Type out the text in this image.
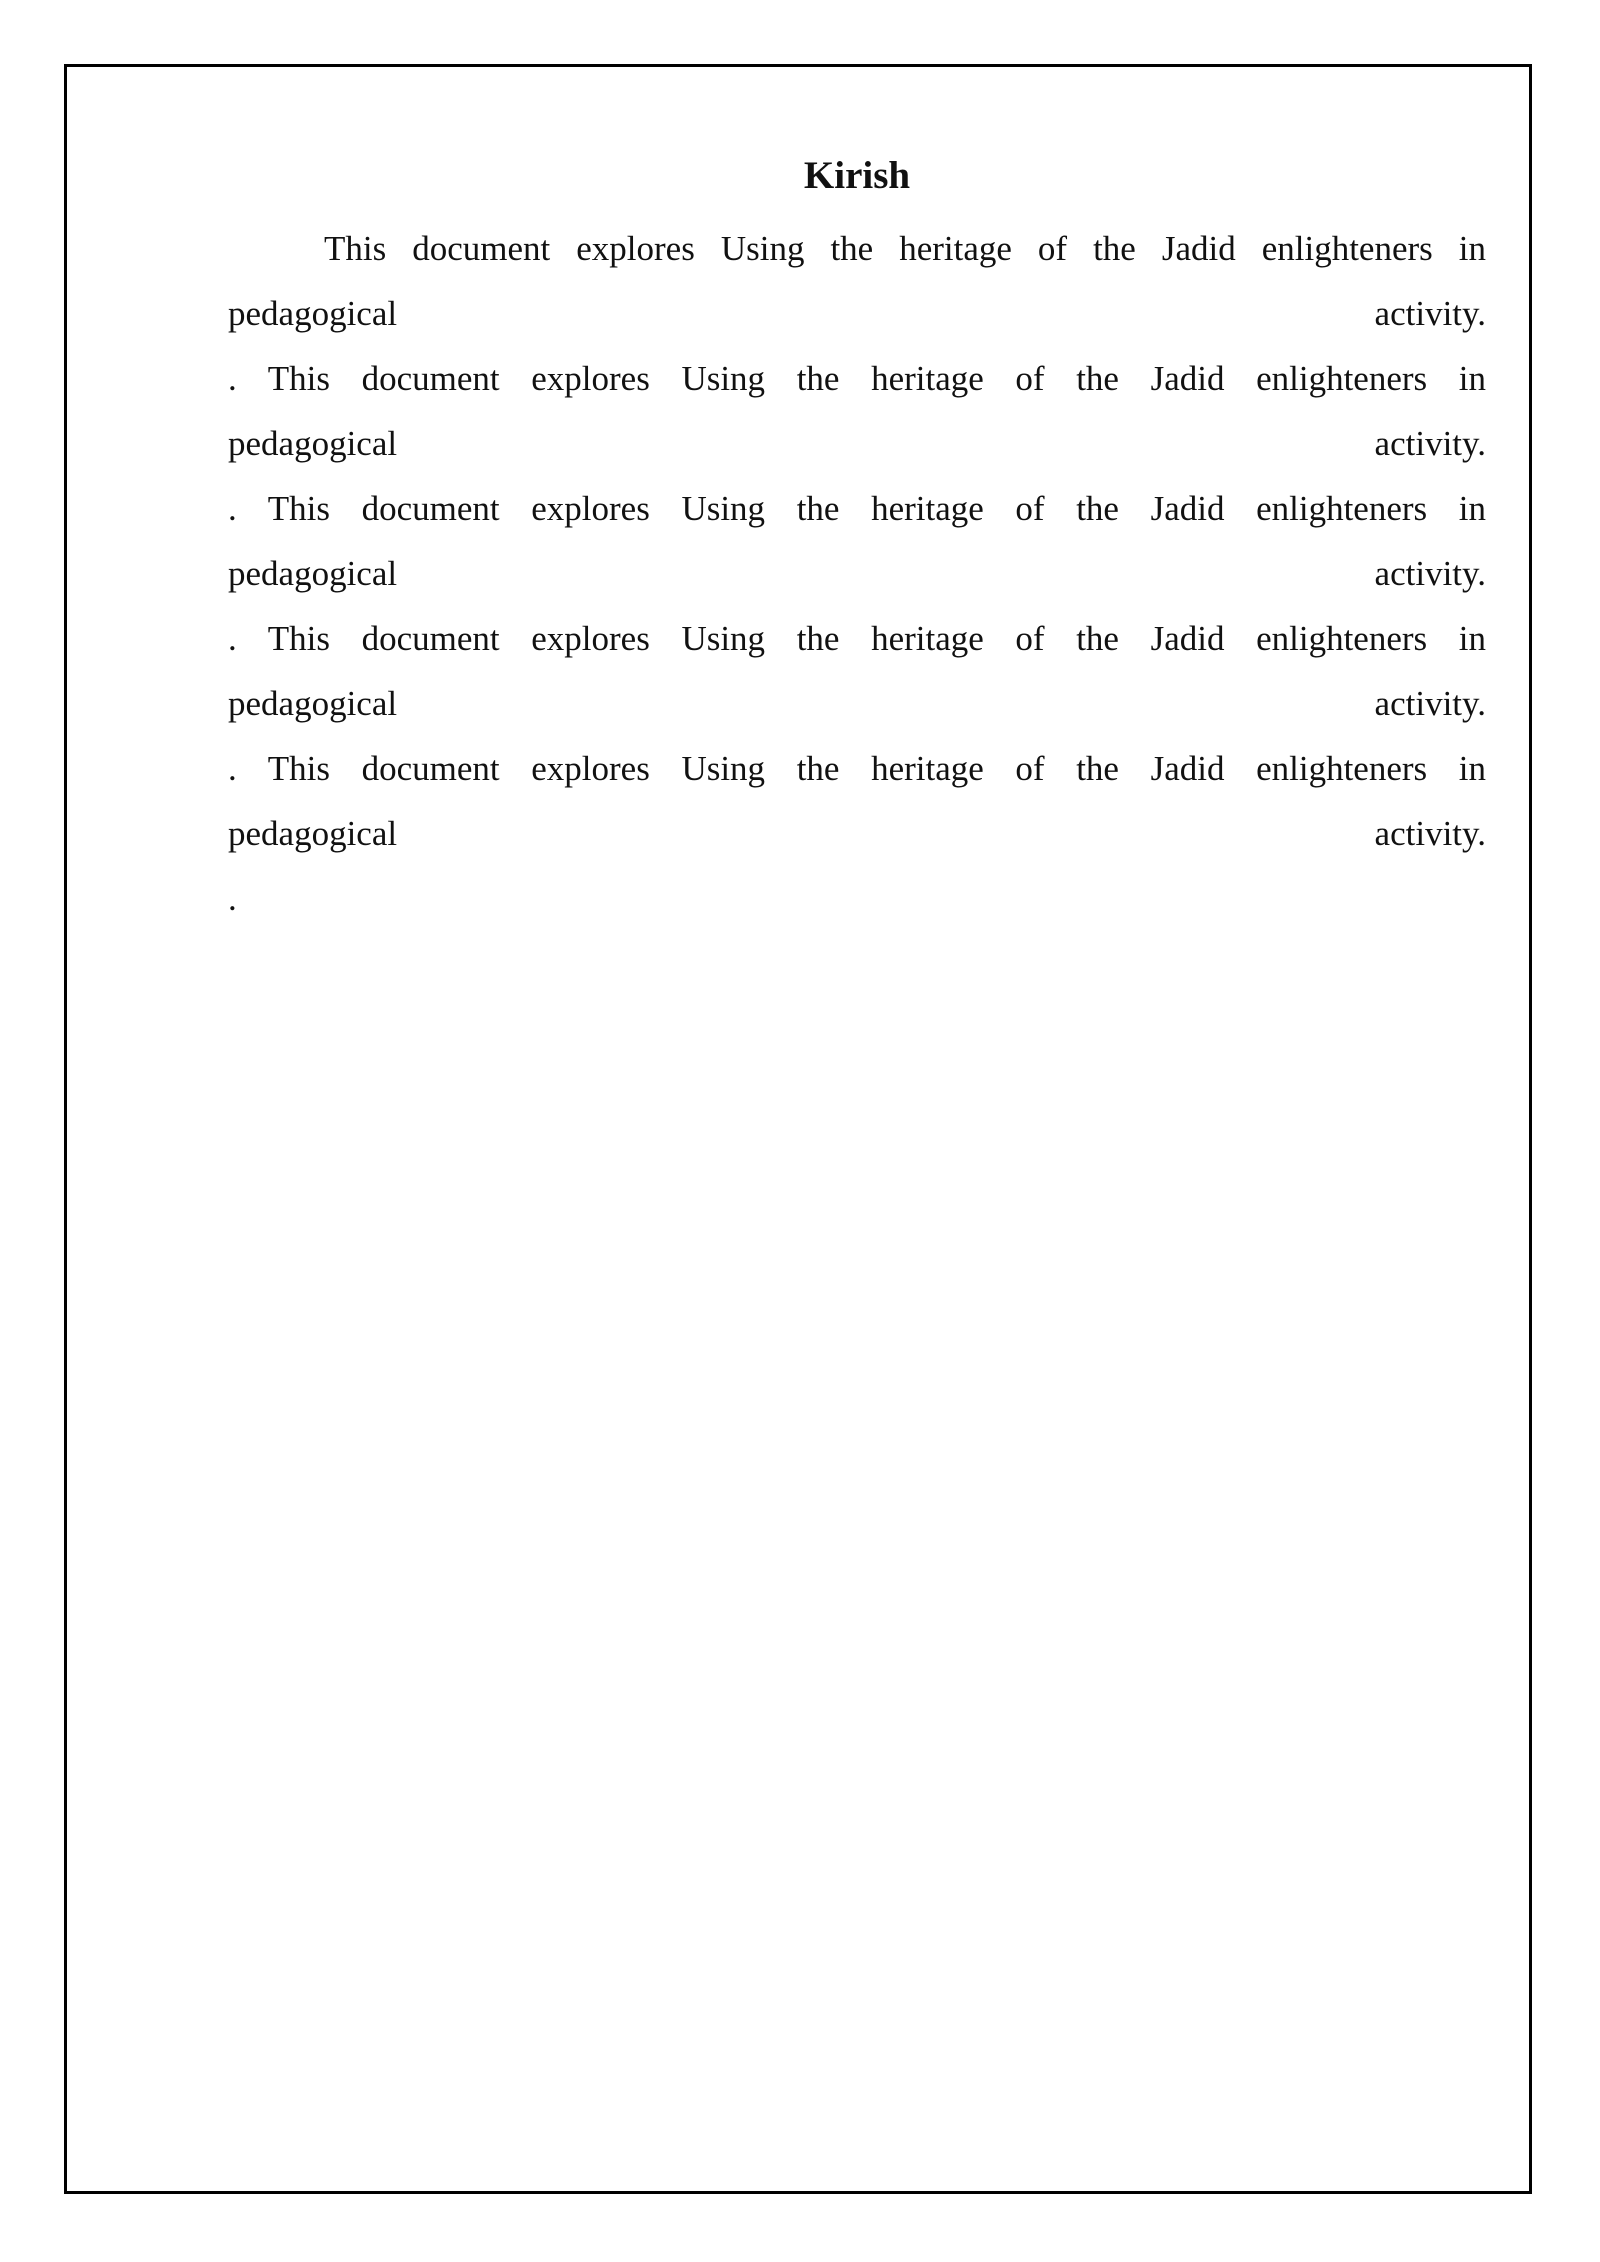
Kirish
This document explores Using the heritage of the Jadid enlighteners in
pedagogical activity.
. This document explores Using the heritage of the Jadid enlighteners in
pedagogical activity.
. This document explores Using the heritage of the Jadid enlighteners in
pedagogical activity.
. This document explores Using the heritage of the Jadid enlighteners in
pedagogical activity.
. This document explores Using the heritage of the Jadid enlighteners in
pedagogical activity.
.
